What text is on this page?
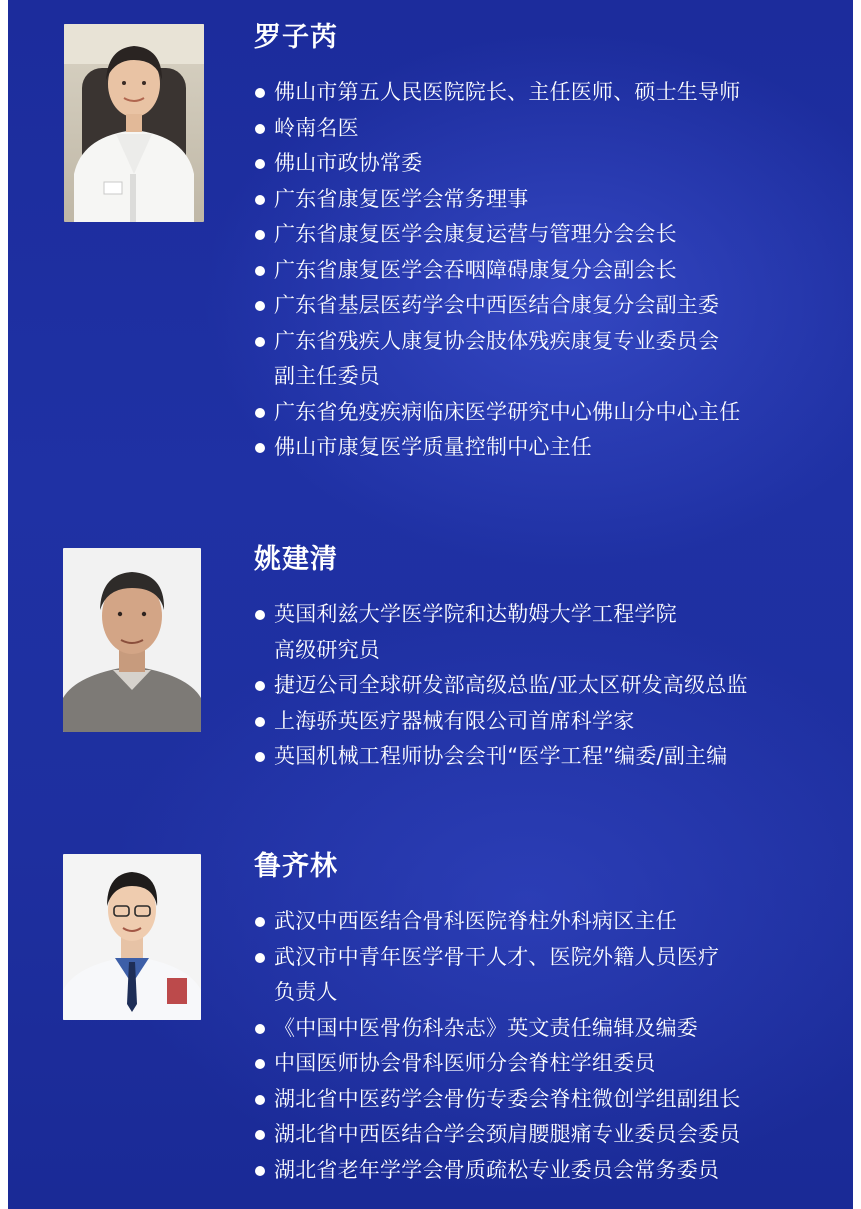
罗子芮
佛山市第五人民医院院长、主任医师、硕士生导师
岭南名医
佛山市政协常委
广东省康复医学会常务理事
广东省康复医学会康复运营与管理分会会长
广东省康复医学会吞咽障碍康复分会副会长
广东省基层医药学会中西医结合康复分会副主委
广东省残疾人康复协会肢体残疾康复专业委员会
副主任委员
广东省免疫疾病临床医学研究中心佛山分中心主任
佛山市康复医学质量控制中心主任
姚建清
英国利兹大学医学院和达勒姆大学工程学院
高级研究员
捷迈公司全球研发部高级总监/亚太区研发高级总监
上海骄英医疗器械有限公司首席科学家
英国机械工程师协会会刊“医学工程”编委/副主编
鲁齐林
武汉中西医结合骨科医院脊柱外科病区主任
武汉市中青年医学骨干人才、医院外籍人员医疗
负责人
《中国中医骨伤科杂志》英文责任编辑及编委
中国医师协会骨科医师分会脊柱学组委员
湖北省中医药学会骨伤专委会脊柱微创学组副组长
湖北省中西医结合学会颈肩腰腿痛专业委员会委员
湖北省老年学学会骨质疏松专业委员会常务委员
